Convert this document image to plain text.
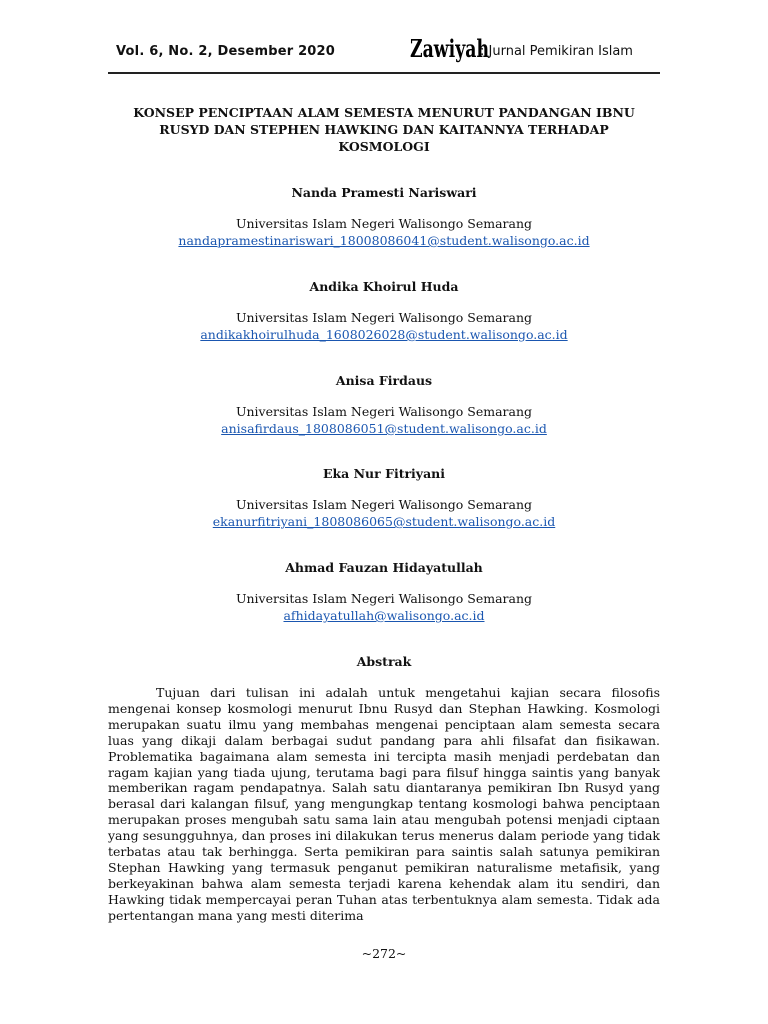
Vol. 6, No. 2, Desember 2020	Zawiyah
: Jurnal Pemikiran Islam
KONSEP PENCIPTAAN ALAM SEMESTA MENURUT PANDANGAN IBNU
RUSYD DAN STEPHEN HAWKING DAN KAITANNYA TERHADAP
KOSMOLOGI
Nanda Pramesti Nariswari
Universitas Islam Negeri Walisongo Semarang
nandapramestinariswari_18008086041@student.walisongo.ac.id
Andika Khoirul Huda
Universitas Islam Negeri Walisongo Semarang
andikakhoirulhuda_1608026028@student.walisongo.ac.id
Anisa Firdaus
Universitas Islam Negeri Walisongo Semarang
anisafirdaus_1808086051@student.walisongo.ac.id
Eka Nur Fitriyani
Universitas Islam Negeri Walisongo Semarang
ekanurfitriyani_1808086065@student.walisongo.ac.id
Ahmad Fauzan Hidayatullah
Universitas Islam Negeri Walisongo Semarang
afhidayatullah@walisongo.ac.id
Abstrak

Tujuan dari tulisan ini adalah untuk mengetahui kajian secara filosofis mengenai konsep kosmologi menurut Ibnu Rusyd dan Stephan Hawking. Kosmologi merupakan suatu ilmu yang membahas mengenai penciptaan alam semesta secara luas yang dikaji dalam berbagai sudut pandang para ahli filsafat dan fisikawan. Problematika bagaimana alam semesta ini tercipta masih menjadi perdebatan dan ragam kajian yang tiada ujung, terutama bagi para filsuf hingga saintis yang banyak memberikan ragam pendapatnya. Salah satu diantaranya pemikiran Ibn Rusyd yang berasal dari kalangan filsuf, yang mengungkap tentang kosmologi bahwa penciptaan merupakan proses mengubah satu sama lain atau mengubah potensi menjadi ciptaan yang sesungguhnya, dan proses ini dilakukan terus menerus dalam periode yang tidak terbatas atau tak berhingga. Serta pemikiran para saintis salah satunya pemikiran Stephan Hawking yang termasuk penganut pemikiran naturalisme metafisik, yang berkeyakinan bahwa alam semesta terjadi karena kehendak alam itu sendiri, dan Hawking tidak mempercayai peran Tuhan atas terbentuknya alam semesta. Tidak ada pertentangan mana yang mesti diterima

~272~
